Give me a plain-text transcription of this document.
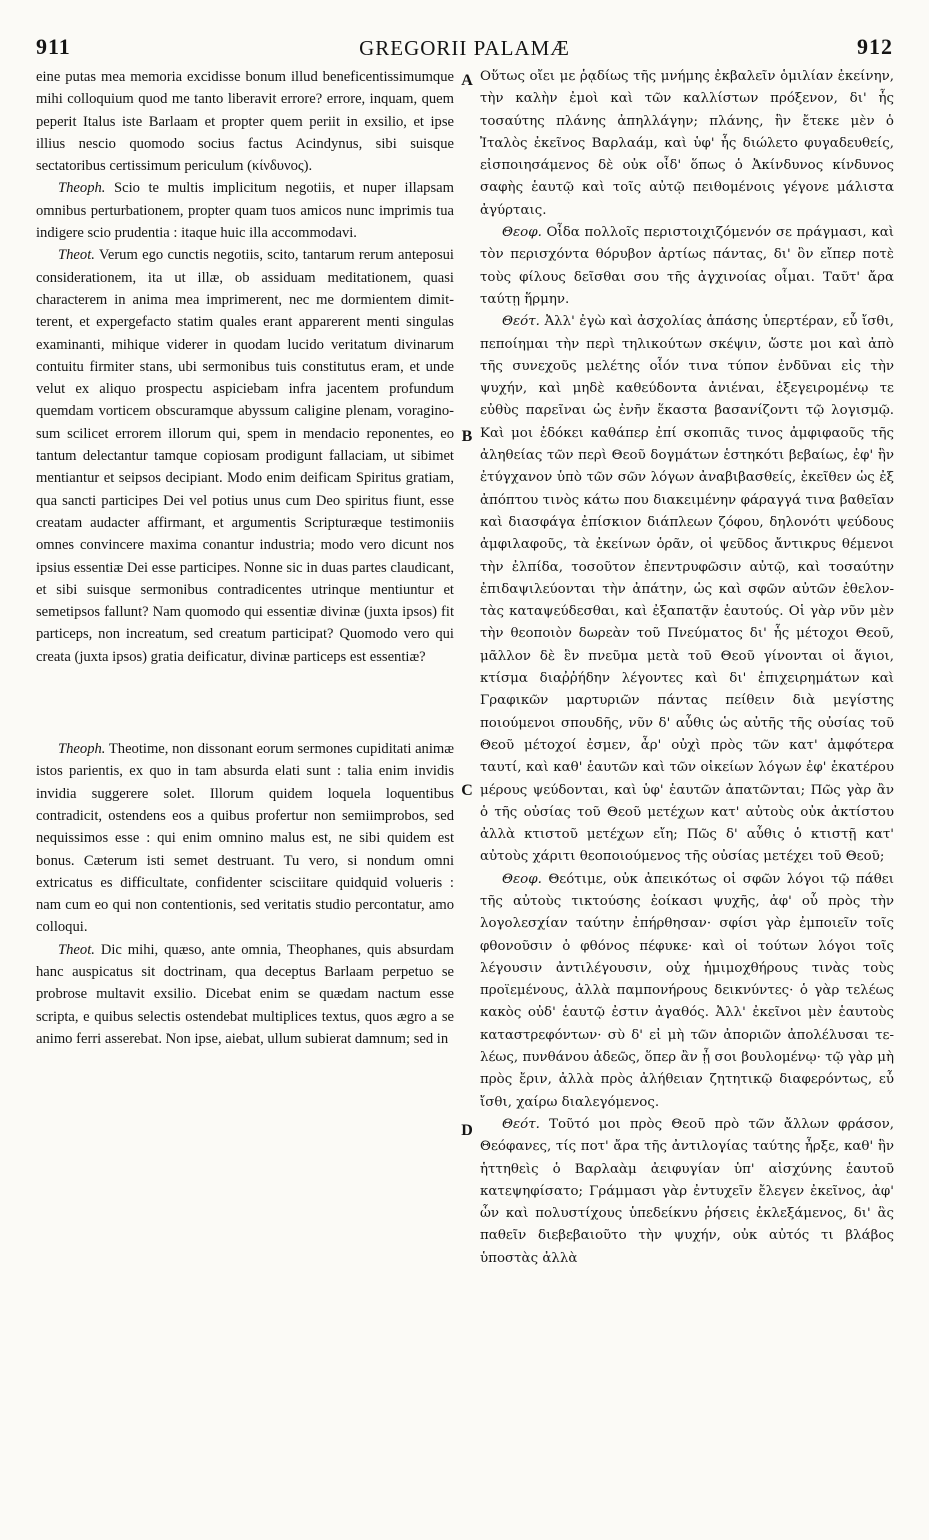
911	GREGORII PALAMÆ	912

eine putas mea memoria excidisse bonum illud beneficentissimumque mihi colloquium quod me tanto liberavit errore? errore, inquam, quem peperit Italus iste Barlaam et propter quem periit in exsilio, et ipse illius nescio quomodo socius factus Acindynus, sibi suisque sectatoribus certissimum periculum (κίνδυνος).

Theoph. Scio te multis implicitum negotiis, et nuper illapsam omnibus perturbationem, propter quam tuos amicos nunc imprimis tua indigere scio prudentia : itaque huic illa accommodavi.

Theot. Verum ego cunctis negotiis, scito, tantarum rerum anteposui considerationem, ita ut illæ, ob assiduam meditationem, quasi characterem in anima mea imprimerent, nec me dormientem dimitterent, et expergefacto statim quales erant apparerent menti singulas examinanti, mihique viderer in quodam lucido veritatum divinarum contuitu firmiter stans, ubi sermonibus tuis constitutus eram, et unde velut ex aliquo prospectu aspiciebam infra jacentem profundum quemdam vorticem obscuramque abyssum caligine plenam, voraginosum scilicet errorem illorum qui, spem in mendacio reponentes, eo tantum delectantur tamque copiosam prodigunt fallaciam, ut sibimet mentiantur et seipsos decipiant. Modo enim deificam Spiritus gratiam, qua sancti participes Dei vel potius unus cum Deo spiritus fiunt, esse creatam audacter affirmant, et argumentis Scripturæque testimoniis omnes convincere maxima conantur industria; modo vero dicunt nos ipsius essentiæ Dei esse participes. Nonne sic in duas partes claudicant, et sibi suisque sermonibus contradicentes utrinque mentiuntur et semetipsos fallunt? Nam quomodo qui essentiæ divinæ (juxta ipsos) fit particeps, non increatum, sed creatum participat? Quomodo vero qui creata (juxta ipsos) gratia deificatur, divinæ particeps est essentiæ?

Theoph. Theotime, non dissonant eorum sermones cupiditati animæ istos parientis, ex quo in tam absurda elati sunt : talia enim invidis invidia suggerere solet. Illorum quidem loquela loquentibus contradicit, ostendens eos a quibus profertur non semiimprobos, sed nequissimos esse : qui enim omnino malus est, ne sibi quidem est bonus. Cæterum isti semet destruant. Tu vero, si nondum omni extricatus es difficultate, confidenter scisciitare quidquid volueris : nam cum eo qui non contentionis, sed veritatis studio percontatur, amo colloqui.

Theot. Dic mihi, quæso, ante omnia, Theophanes, quis absurdam hanc auspicatus sit doctrinam, qua deceptus Barlaam perpetuo se probrose multavit exsilio. Dicebat enim se quædam nactum esse scripta, e quibus selectis ostendebat multiplices textus, quos ægro a se animo ferri asserebat. Non ipse, aiebat, ullum subierat damnum; sed in

A
B
C
D

Οὕτως οἴει με ῥᾳδίως τῆς μνήμης ἐκβαλεῖν ὁμιλίαν ἐκείνην, τὴν καλὴν ἐμοὶ καὶ τῶν καλλίστων πρόξενον, δι' ἧς τοσαύτης πλάνης ἀπηλλάγην; πλάνης, ἣν ἔτεκε μὲν ὁ Ἰταλὸς ἐκεῖνος Βαρλαάμ, καὶ ὑφ' ἧς διώλετο φυγαδευθείς, εἰσποιησάμενος δὲ οὐκ οἶδ' ὅπως ὁ Ἀκίνδυνος κίνδυνος σαφὴς ἑαυτῷ καὶ τοῖς αὐτῷ πειθομένοις γέγονε μάλιστα ἀγύρταις.

Θεοφ. Οἶδα πολλοῖς περιστοιχιζόμενόν σε πράγμασι, καὶ τὸν περισχόντα θόρυβον ἀρτίως πάντας, δι' ὃν εἴπερ ποτὲ τοὺς φίλους δεῖσθαι σου τῆς ἀγχινοίας οἶμαι. Ταῦτ' ἄρα ταύτῃ ἥρμην.

Θεότ. Ἀλλ' ἐγὼ καὶ ἀσχολίας ἁπάσης ὑπερτέραν, εὖ ἴσθι, πεποίημαι τὴν περὶ τηλικούτων σκέψιν, ὥστε μοι καὶ ἀπὸ τῆς συνεχοῦς μελέτης οἷόν τινα τύπον ἐνδῦναι εἰς τὴν ψυχήν, καὶ μηδὲ καθεύδοντα ἀνιέναι, ἐξεγειρομένῳ τε εὐθὺς παρεῖναι ὡς ἐνῆν ἕκαστα βασανίζοντι τῷ λογισμῷ. Καὶ μοι ἐδόκει καθάπερ ἐπί σκοπιᾶς τινος ἀμφιφαοῦς τῆς ἀληθείας τῶν περὶ Θεοῦ δογμάτων ἑστηκότι βεβαίως, ἐφ' ἣν ἐτύγχανον ὑπὸ τῶν σῶν λόγων ἀναβιβασθείς, ἐκεῖθεν ὡς ἐξ ἀπόπτου τινὸς κάτω που διακειμένην φάραγγά τινα βαθεῖαν καὶ διασφάγα ἐπίσκιον διάπλεων ζόφου, δηλονότι ψεύδους ἀμφιλαφοῦς, τὰ ἐκείνων ὁρᾶν, οἱ ψεῦδος ἄντικρυς θέμενοι τὴν ἐλπίδα, τοσοῦτον ἐπεντρυφῶσιν αὐτῷ, καὶ τοσαύτην ἐπιδαψιλεύονται τὴν ἀπάτην, ὡς καὶ σφῶν αὐτῶν ἐθελοντὰς καταψεύδεσθαι, καὶ ἐξαπατᾷν ἑαυτούς. Οἱ γὰρ νῦν μὲν τὴν θεοποιὸν δωρεὰν τοῦ Πνεύματος δι' ἧς μέτοχοι Θεοῦ, μᾶλλον δὲ ἓν πνεῦμα μετὰ τοῦ Θεοῦ γίνονται οἱ ἅγιοι, κτίσμα διαῤῥήδην λέγοντες καὶ δι' ἐπιχειρημάτων καὶ Γραφικῶν μαρτυριῶν πάντας πείθειν διὰ μεγίστης ποιούμενοι σπουδῆς, νῦν δ' αὖθις ὡς αὐτῆς τῆς οὐσίας τοῦ Θεοῦ μέτοχοί ἐσμεν, ἆρ' οὐχὶ πρὸς τῶν κατ' ἀμφότερα ταυτί, καὶ καθ' ἑαυτῶν καὶ τῶν οἰκείων λόγων ἐφ' ἑκατέρου μέρους ψεύδονται, καὶ ὑφ' ἑαυτῶν ἀπατῶνται; Πῶς γὰρ ἂν ὁ τῆς οὐσίας τοῦ Θεοῦ μετέχων κατ' αὐτοὺς οὐκ ἀκτίστου ἀλλὰ κτιστοῦ μετέχων εἴη; Πῶς δ' αὖθις ὁ κτιστῇ κατ' αὐτοὺς χάριτι θεοποιούμενος τῆς οὐσίας μετέχει τοῦ Θεοῦ;

Θεοφ. Θεότιμε, οὐκ ἀπεικότως οἱ σφῶν λόγοι τῷ πάθει τῆς αὐτοὺς τικτούσης ἐοίκασι ψυχῆς, ἀφ' οὗ πρὸς τὴν λογολεσχίαν ταύτην ἐπήρθησαν· σφίσι γὰρ ἐμποιεῖν τοῖς φθονοῦσιν ὁ φθόνος πέφυκε· καὶ οἱ τούτων λόγοι τοῖς λέγουσιν ἀντιλέγουσιν, οὐχ ἡμιμοχθήρους τινὰς τοὺς προϊεμένους, ἀλλὰ παμπονήρους δεικνύντες· ὁ γὰρ τελέως κακὸς οὐδ' ἑαυτῷ ἐστιν ἀγαθός. Ἀλλ' ἐκεῖνοι μὲν ἑαυτοὺς καταστρεφόντων· σὺ δ' εἰ μὴ τῶν ἀποριῶν ἀπολέλυσαι τελέως, πυνθάνου ἀδεῶς, ὅπερ ἂν ᾖ σοι βουλομένῳ· τῷ γὰρ μὴ πρὸς ἔριν, ἀλλὰ πρὸς ἀλήθειαν ζητητικῷ διαφερόντως, εὖ ἴσθι, χαίρω διαλεγόμενος.

Θεότ. Τοῦτό μοι πρὸς Θεοῦ πρὸ τῶν ἄλλων φράσον, Θεόφανες, τίς ποτ' ἄρα τῆς ἀντιλογίας ταύτης ἦρξε, καθ' ἣν ἡττηθεὶς ὁ Βαρλαὰμ ἀειφυγίαν ὑπ' αἰσχύνης ἑαυτοῦ κατεψηφίσατο; Γράμμασι γὰρ ἐντυχεῖν ἔλεγεν ἐκεῖνος, ἀφ' ὧν καὶ πολυστίχους ὑπεδείκνυ ῥήσεις ἐκλεξάμενος, δι' ἃς παθεῖν διεβεβαιοῦτο τὴν ψυχήν, οὐκ αὐτός τι βλάβος ὑποστὰς ἀλλὰ
